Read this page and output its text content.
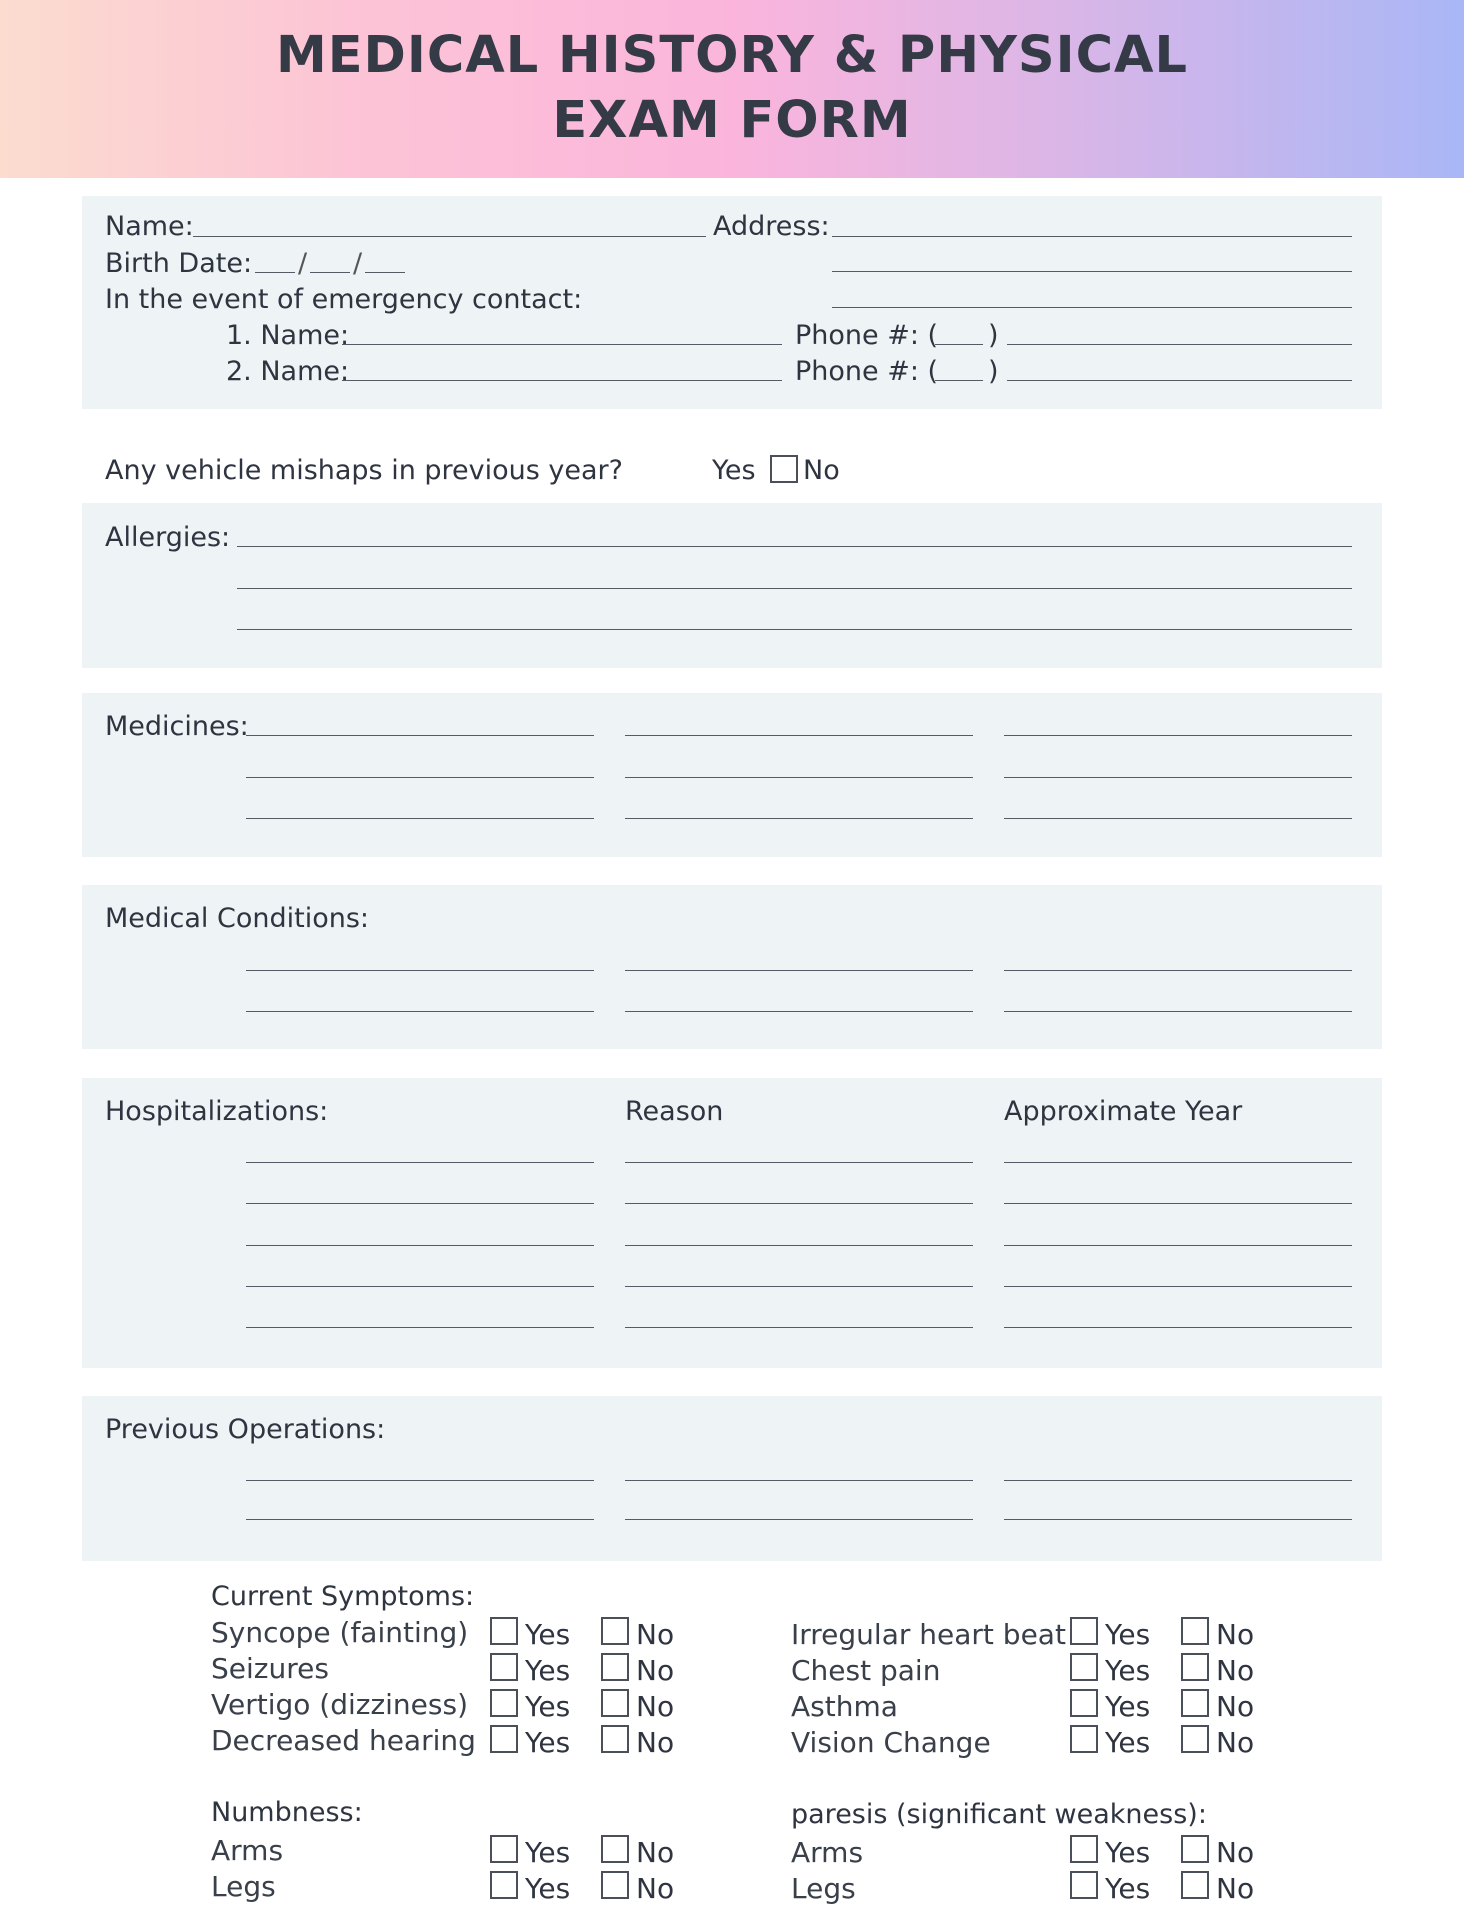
MEDICAL HISTORY & PHYSICAL
EXAM FORM
Name:	Address:
Birth Date: / /
In the event of emergency contact:
1. Name:	Phone #: ( )
2. Name:	Phone #: ( )
Any vehicle mishaps in previous year?	Yes No
Allergies:
Medicines:
Medical Conditions:
Hospitalizations:	Reason	Approximate Year
Previous Operations:
Current Symptoms:
Syncope (fainting) Yes No
Seizures	Yes No
Vertigo (dizziness) Yes No
Decreased hearing Yes No
Irregular heart beat Yes No
Chest pain	Yes No
Asthma	Yes No
Vision Change	Yes No
Numbness:
Arms	Yes No
Legs	Yes No
paresis (significant weakness):
Arms	Yes No
Legs	Yes No
